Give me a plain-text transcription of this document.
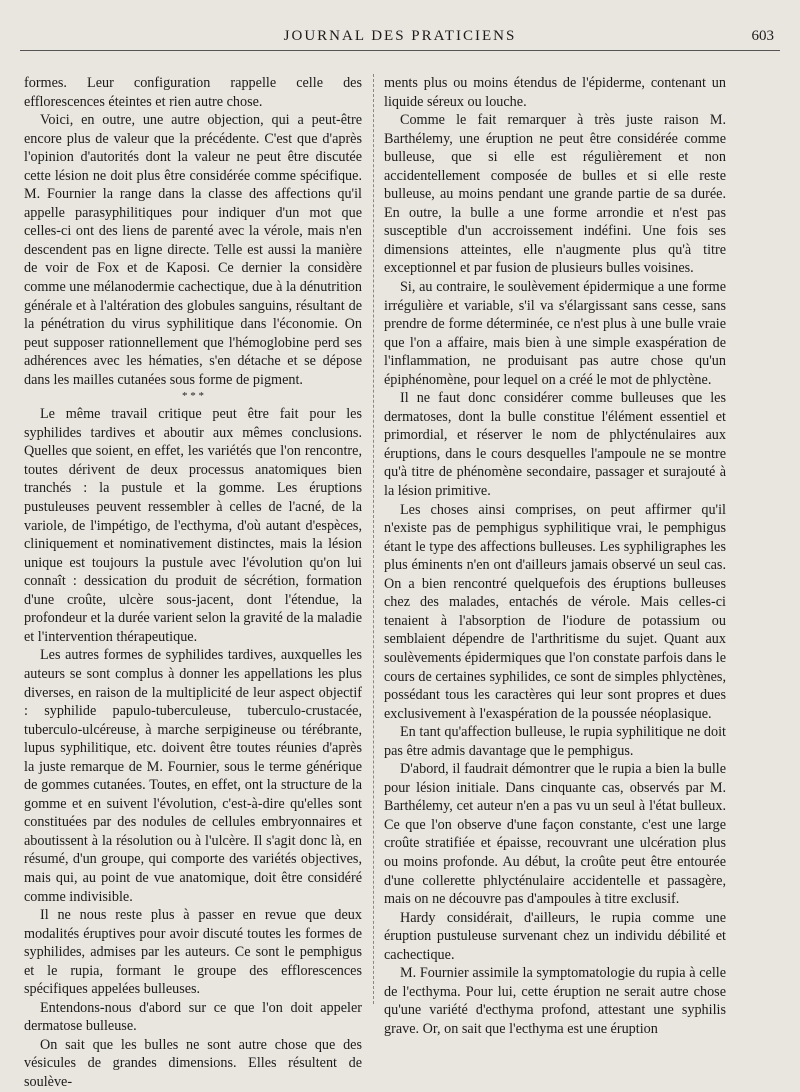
JOURNAL DES PRATICIENS	603

formes. Leur configuration rappelle celle des efflorescences éteintes et rien autre chose.

Voici, en outre, une autre objection, qui a peut-être encore plus de valeur que la précédente. C'est que d'après l'opinion d'autorités dont la valeur ne peut être discutée cette lésion ne doit plus être considérée comme spécifique. M. Fournier la range dans la classe des affections qu'il appelle parasyphilitiques pour indiquer d'un mot que celles-ci ont des liens de parenté avec la vérole, mais n'en descendent pas en ligne directe. Telle est aussi la manière de voir de Fox et de Kaposi. Ce dernier la considère comme une mélanodermie cachectique, due à la dénutrition générale et à l'altération des globules sanguins, résultant de la pénétration du virus syphilitique dans l'économie. On peut supposer rationnellement que l'hémoglobine perd ses adhérences avec les hématies, s'en détache et se dépose dans les mailles cutanées sous forme de pigment.

* * *

Le même travail critique peut être fait pour les syphilides tardives et aboutir aux mêmes conclusions. Quelles que soient, en effet, les variétés que l'on rencontre, toutes dérivent de deux processus anatomiques bien tranchés : la pustule et la gomme. Les éruptions pustuleuses peuvent ressembler à celles de l'acné, de la variole, de l'impétigo, de l'ecthyma, d'où autant d'espèces, cliniquement et nominativement distinctes, mais la lésion unique est toujours la pustule avec l'évolution qu'on lui connaît : dessication du produit de sécrétion, formation d'une croûte, ulcère sous-jacent, dont l'étendue, la profondeur et la durée varient selon la gravité de la maladie et l'intervention thérapeutique.

Les autres formes de syphilides tardives, auxquelles les auteurs se sont complus à donner les appellations les plus diverses, en raison de la multiplicité de leur aspect objectif : syphilide papulo-tuberculeuse, tuberculo-crustacée, tuberculo-ulcéreuse, à marche serpigineuse ou térébrante, lupus syphilitique, etc. doivent être toutes réunies d'après la juste remarque de M. Fournier, sous le terme générique de gommes cutanées. Toutes, en effet, ont la structure de la gomme et en suivent l'évolution, c'est-à-dire qu'elles sont constituées par des nodules de cellules embryonnaires et aboutissent à la résolution ou à l'ulcère. Il s'agit donc là, en résumé, d'un groupe, qui comporte des variétés objectives, mais qui, au point de vue anatomique, doit être considéré comme indivisible.

Il ne nous reste plus à passer en revue que deux modalités éruptives pour avoir discuté toutes les formes de syphilides, admises par les auteurs. Ce sont le pemphigus et le rupia, formant le groupe des efflorescences spécifiques appelées bulleuses.

Entendons-nous d'abord sur ce que l'on doit appeler dermatose bulleuse.

On sait que les bulles ne sont autre chose que des vésicules de grandes dimensions. Elles résultent de soulève-

ments plus ou moins étendus de l'épiderme, contenant un liquide séreux ou louche.

Comme le fait remarquer à très juste raison M. Barthélemy, une éruption ne peut être considérée comme bulleuse, que si elle est régulièrement et non accidentellement composée de bulles et si elle reste bulleuse, au moins pendant une grande partie de sa durée. En outre, la bulle a une forme arrondie et n'est pas susceptible d'un accroissement indéfini. Une fois ses dimensions atteintes, elle n'augmente plus qu'à titre exceptionnel et par fusion de plusieurs bulles voisines.

Si, au contraire, le soulèvement épidermique a une forme irrégulière et variable, s'il va s'élargissant sans cesse, sans prendre de forme déterminée, ce n'est plus à une bulle vraie que l'on a affaire, mais bien à une simple exaspération de l'inflammation, ne produisant pas autre chose qu'un épiphénomène, pour lequel on a créé le mot de phlyctène.

Il ne faut donc considérer comme bulleuses que les dermatoses, dont la bulle constitue l'élément essentiel et primordial, et réserver le nom de phlycténulaires aux éruptions, dans le cours desquelles l'ampoule ne se montre qu'à titre de phénomène secondaire, passager et surajouté à la lésion primitive.

Les choses ainsi comprises, on peut affirmer qu'il n'existe pas de pemphigus syphilitique vrai, le pemphigus étant le type des affections bulleuses. Les syphiligraphes les plus éminents n'en ont d'ailleurs jamais observé un seul cas. On a bien rencontré quelquefois des éruptions bulleuses chez des malades, entachés de vérole. Mais celles-ci tenaient à l'absorption de l'iodure de potassium ou semblaient dépendre de l'arthritisme du sujet. Quant aux soulèvements épidermiques que l'on constate parfois dans le cours de certaines syphilides, ce sont de simples phlyctènes, possédant tous les caractères qui leur sont propres et dues exclusivement à l'exaspération de la poussée néoplasique.

En tant qu'affection bulleuse, le rupia syphilitique ne doit pas être admis davantage que le pemphigus.

D'abord, il faudrait démontrer que le rupia a bien la bulle pour lésion initiale. Dans cinquante cas, observés par M. Barthélemy, cet auteur n'en a pas vu un seul à l'état bulleux. Ce que l'on observe d'une façon constante, c'est une large croûte stratifiée et épaisse, recouvrant une ulcération plus ou moins profonde. Au début, la croûte peut être entourée d'une collerette phlycténulaire accidentelle et passagère, mais on ne découvre pas d'ampoules à titre exclusif.

Hardy considérait, d'ailleurs, le rupia comme une éruption pustuleuse survenant chez un individu débilité et cachectique.

M. Fournier assimile la symptomatologie du rupia à celle de l'ecthyma. Pour lui, cette éruption ne serait autre chose qu'une variété d'ecthyma profond, attestant une syphilis grave. Or, on sait que l'ecthyma est une éruption
